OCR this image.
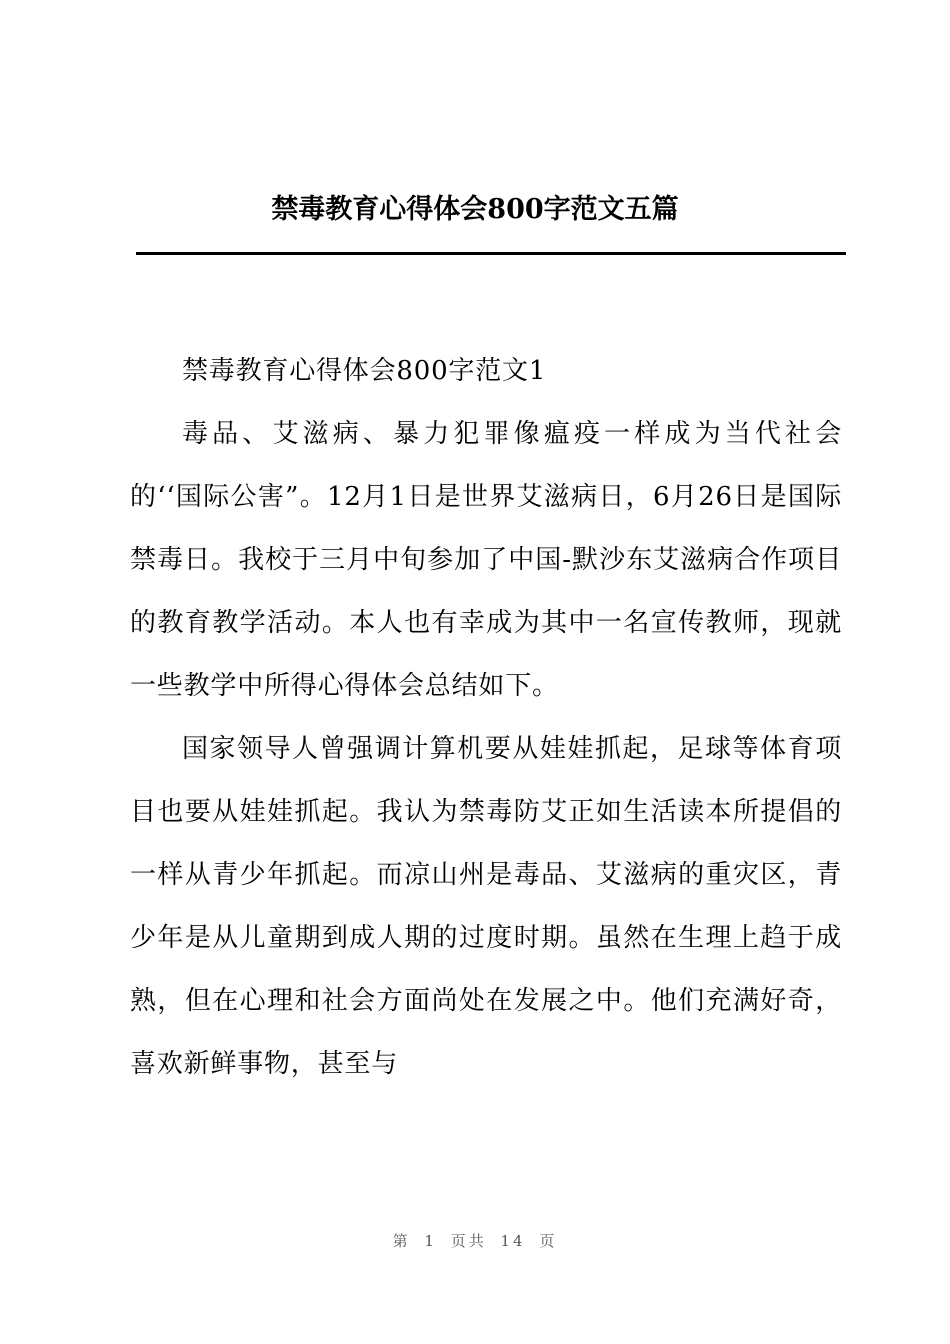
禁毒教育心得体会800字范文五篇

禁毒教育心得体会800字范文1

毒品、艾滋病、暴力犯罪像瘟疫一样成为当代社会的‘‘国际公害”。12月1日是世界艾滋病日，6月26日是国际禁毒日。我校于三月中旬参加了中国-默沙东艾滋病合作项目的教育教学活动。本人也有幸成为其中一名宣传教师，现就一些教学中所得心得体会总结如下。

国家领导人曾强调计算机要从娃娃抓起，足球等体育项目也要从娃娃抓起。我认为禁毒防艾正如生活读本所提倡的一样从青少年抓起。而凉山州是毒品、艾滋病的重灾区，青少年是从儿童期到成人期的过度时期。虽然在生理上趋于成熟，但在心理和社会方面尚处在发展之中。他们充满好奇，喜欢新鲜事物，甚至与

第 1 页共 14 页
